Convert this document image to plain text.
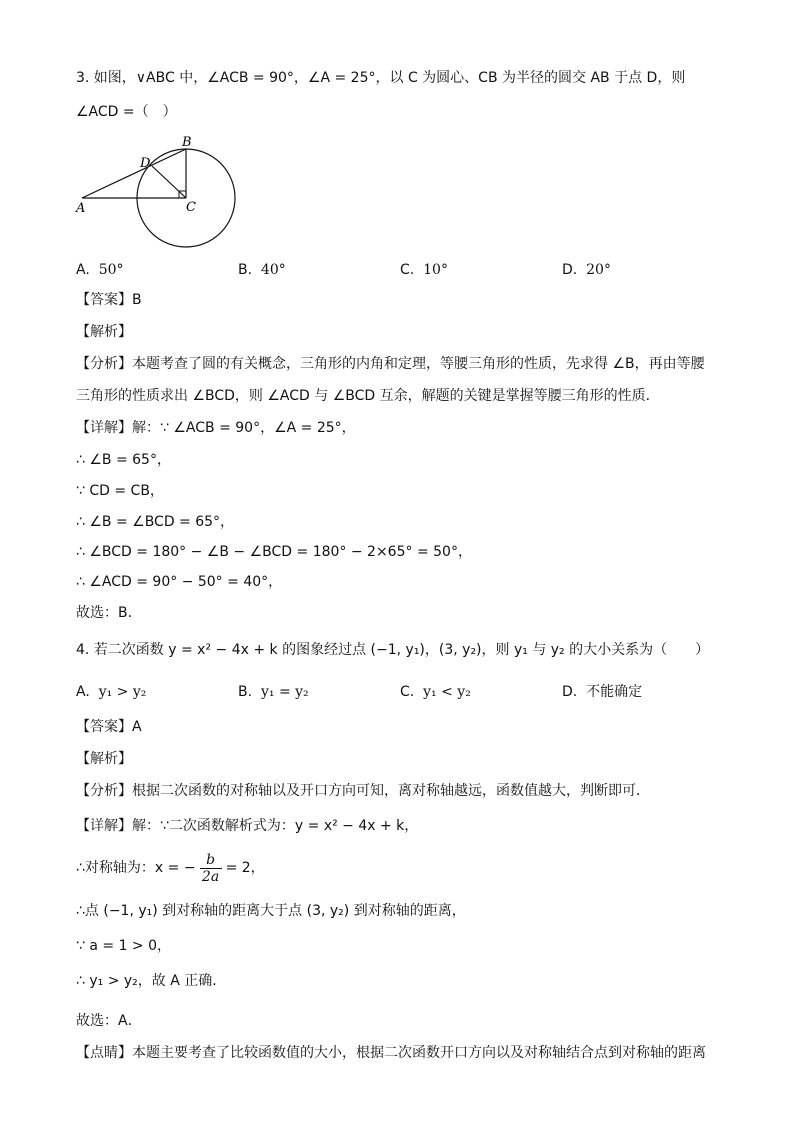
3. 如图，∨ABC 中，∠ACB = 90°，∠A = 25°，以 C 为圆心、CB 为半径的圆交 AB 于点 D，则
∠ACD =（　）
A
B
C
D
A. 50°	B. 40°	C. 10°	D. 20°
【答案】B
【解析】
【分析】本题考查了圆的有关概念，三角形的内角和定理，等腰三角形的性质，先求得 ∠B，再由等腰
三角形的性质求出 ∠BCD，则 ∠ACD 与 ∠BCD 互余，解题的关键是掌握等腰三角形的性质．
【详解】解：∵ ∠ACB = 90°，∠A = 25°，
∴ ∠B = 65°，
∵ CD = CB，
∴ ∠B = ∠BCD = 65°，
∴ ∠BCD = 180° − ∠B − ∠BCD = 180° − 2×65° = 50°，
∴ ∠ACD = 90° − 50° = 40°，
故选：B．
4. 若二次函数 y = x² − 4x + k 的图象经过点 (−1, y₁)，(3, y₂)，则 y₁ 与 y₂ 的大小关系为（　　）
A. y₁ > y₂	B. y₁ = y₂	C. y₁ < y₂	D. 不能确定
【答案】A
【解析】
【分析】根据二次函数的对称轴以及开口方向可知，离对称轴越远，函数值越大，判断即可．
【详解】解：∵二次函数解析式为：y = x² − 4x + k，
∴对称轴为：x = −
b
2a
= 2，
∴点 (−1, y₁) 到对称轴的距离大于点 (3, y₂) 到对称轴的距离，
∵ a = 1 > 0，
∴ y₁ > y₂，故 A 正确．
故选：A．
【点睛】本题主要考查了比较函数值的大小，根据二次函数开口方向以及对称轴结合点到对称轴的距离
